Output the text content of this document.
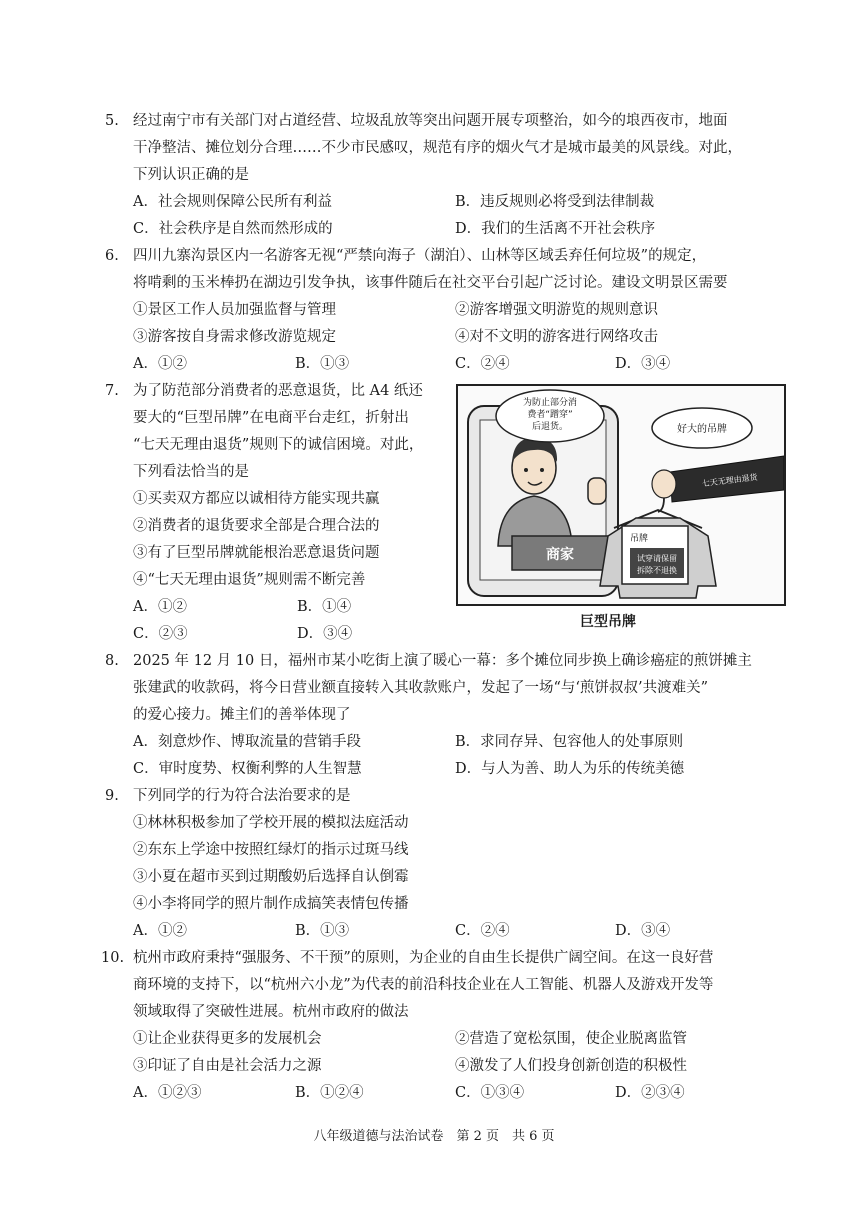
5. 经过南宁市有关部门对占道经营、垃圾乱放等突出问题开展专项整治，如今的埌西夜市，地面
干净整洁、摊位划分合理……不少市民感叹，规范有序的烟火气才是城市最美的风景线。对此，
下列认识正确的是
A．社会规则保障公民所有利益	B．违反规则必将受到法律制裁
C．社会秩序是自然而然形成的	D．我们的生活离不开社会秩序
6. 四川九寨沟景区内一名游客无视“严禁向海子（湖泊）、山林等区域丢弃任何垃圾”的规定，
将啃剩的玉米棒扔在湖边引发争执，该事件随后在社交平台引起广泛讨论。建设文明景区需要
①景区工作人员加强监督与管理	②游客增强文明游览的规则意识
③游客按自身需求修改游览规定	④对不文明的游客进行网络攻击
A．①②	B．①③	C．②④	D．③④
7. 为了防范部分消费者的恶意退货，比 A4 纸还
要大的“巨型吊牌”在电商平台走红，折射出
“七天无理由退货”规则下的诚信困境。对此，
下列看法恰当的是
①买卖双方都应以诚相待方能实现共赢
②消费者的退货要求全部是合理合法的
③有了巨型吊牌就能根治恶意退货问题
④“七天无理由退货”规则需不断完善
A．①②	B．①④
C．②③	D．③④
商家
为防止部分消
费者“蹭穿”
后退货。	好大的吊牌
七天无理由退货
吊牌
试穿请保留
拆除不退换
巨型吊牌
8. 2025 年 12 月 10 日，福州市某小吃街上演了暖心一幕：多个摊位同步换上确诊癌症的煎饼摊主
张建武的收款码，将今日营业额直接转入其收款账户，发起了一场“与‘煎饼叔叔’共渡难关”
的爱心接力。摊主们的善举体现了
A．刻意炒作、博取流量的营销手段	B．求同存异、包容他人的处事原则
C．审时度势、权衡利弊的人生智慧	D．与人为善、助人为乐的传统美德
9. 下列同学的行为符合法治要求的是
①林林积极参加了学校开展的模拟法庭活动
②东东上学途中按照红绿灯的指示过斑马线
③小夏在超市买到过期酸奶后选择自认倒霉
④小李将同学的照片制作成搞笑表情包传播
A．①②	B．①③	C．②④	D．③④
10. 杭州市政府秉持“强服务、不干预”的原则，为企业的自由生长提供广阔空间。在这一良好营
商环境的支持下，以“杭州六小龙”为代表的前沿科技企业在人工智能、机器人及游戏开发等
领域取得了突破性进展。杭州市政府的做法
①让企业获得更多的发展机会	②营造了宽松氛围，使企业脱离监管
③印证了自由是社会活力之源	④激发了人们投身创新创造的积极性
A．①②③	B．①②④	C．①③④	D．②③④
八年级道德与法治试卷　第 2 页　共 6 页
